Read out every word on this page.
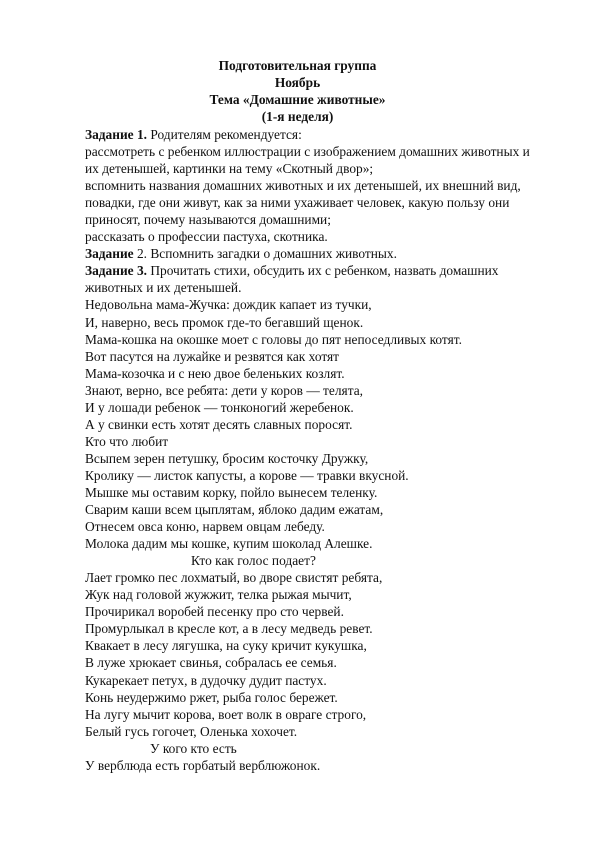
Подготовительная группа
Ноябрь
Тема «Домашние животные»
(1-я неделя)
Задание 1. Родителям рекомендуется:
рассмотреть с ребенком иллюстрации с изображением домашних животных и
их детенышей, картинки на тему «Скотный двор»;
вспомнить названия домашних животных и их детенышей, их внешний вид,
повадки, где они живут, как за ними ухаживает человек, какую пользу они
приносят, почему называются домашними;
рассказать о профессии пастуха, скотника.
Задание 2. Вспомнить загадки о домашних животных.
Задание 3. Прочитать стихи, обсудить их с ребенком, назвать домашних
животных и их детенышей.
Недовольна мама-Жучка: дождик капает из тучки,
И, наверно, весь промок где-то бегавший щенок.
Мама-кошка на окошке моет с головы до пят непоседливых котят.
Вот пасутся на лужайке и резвятся как хотят
Мама-козочка и с нею двое беленьких козлят.
Знают, верно, все ребята: дети у коров — телята,
И у лошади ребенок — тонконогий жеребенок.
А у свинки есть хотят десять славных поросят.
Кто что любит
Всыпем зерен петушку, бросим косточку Дружку,
Кролику — листок капусты, а корове — травки вкусной.
Мышке мы оставим корку, пойло вынесем теленку.
Сварим каши всем цыплятам, яблоко дадим ежатам,
Отнесем овса коню, нарвем овцам лебеду.
Молока дадим мы кошке, купим шоколад Алешке.
Кто как голос подает?
Лает громко пес лохматый, во дворе свистят ребята,
Жук над головой жужжит, телка рыжая мычит,
Прочирикал воробей песенку про сто червей.
Промурлыкал в кресле кот, а в лесу медведь ревет.
Квакает в лесу лягушка, на суку кричит кукушка,
В луже хрюкает свинья, собралась ее семья.
Кукарекает петух, в дудочку дудит пастух.
Конь неудержимо ржет, рыба голос бережет.
На лугу мычит корова, воет волк в овраге строго,
Белый гусь гогочет, Оленька хохочет.
У кого кто есть
У верблюда есть горбатый верблюжонок.
